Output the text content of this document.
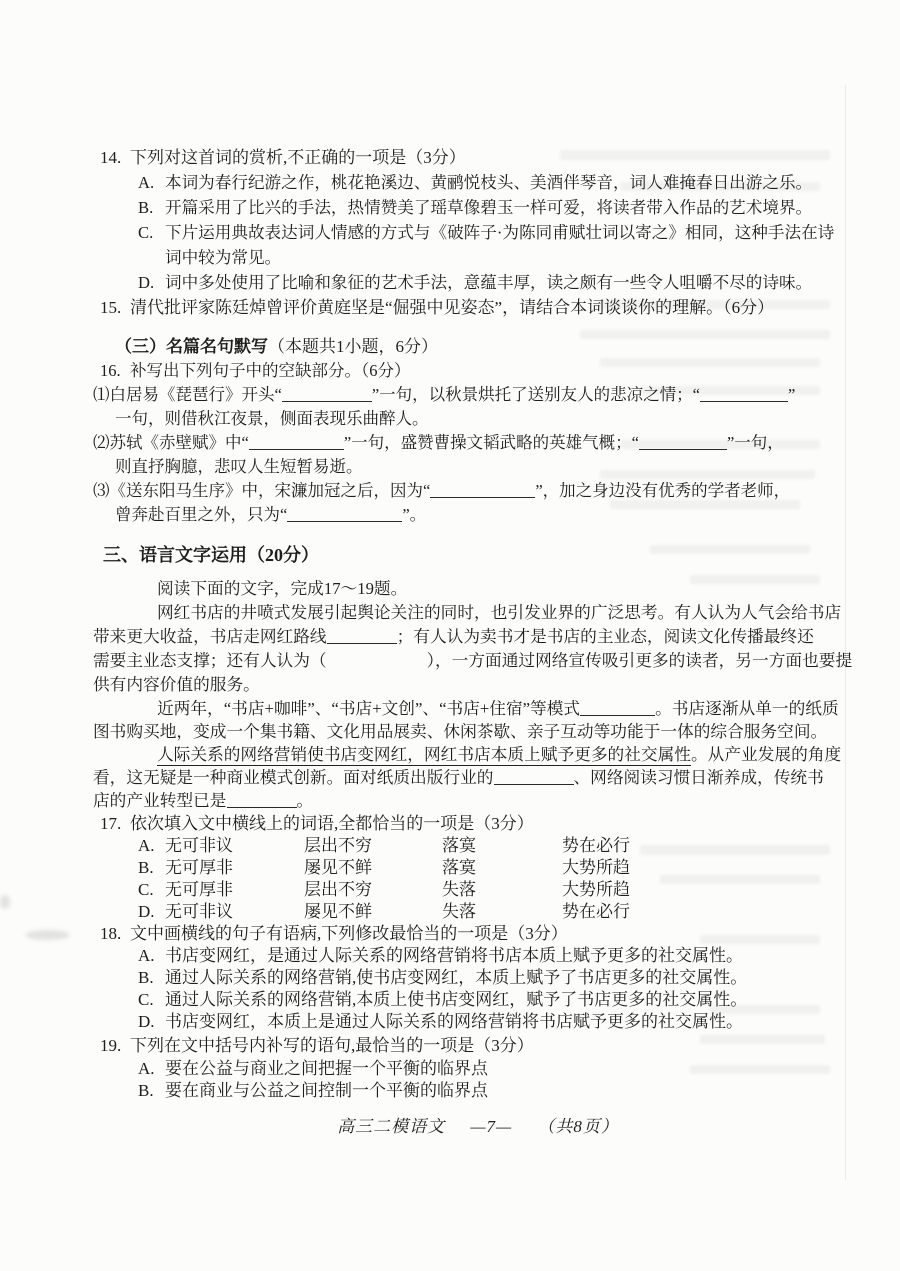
14. 下列对这首词的赏析,不正确的一项是（3分）
A. 本词为春行纪游之作，桃花艳溪边、黄鹂悦枝头、美酒伴琴音，词人难掩春日出游之乐。
B. 开篇采用了比兴的手法，热情赞美了瑶草像碧玉一样可爱，将读者带入作品的艺术境界。
C. 下片运用典故表达词人情感的方式与《破阵子·为陈同甫赋壮词以寄之》相同，这种手法在诗词中较为常见。
D. 词中多处使用了比喻和象征的艺术手法，意蕴丰厚，读之颇有一些令人咀嚼不尽的诗味。
15. 清代批评家陈廷焯曾评价黄庭坚是“倔强中见姿态”，请结合本词谈谈你的理解。（6分）
（三）名篇名句默写（本题共1小题，6分）
16. 补写出下列句子中的空缺部分。（6分）
⑴白居易《琵琶行》开头“	”一句，以秋景烘托了送别友人的悲凉之情；“	”
一句，则借秋江夜景，侧面表现乐曲醉人。
⑵苏轼《赤壁赋》中“	”一句，盛赞曹操文韬武略的英雄气概；“	”一句，
则直抒胸臆，悲叹人生短暂易逝。
⑶《送东阳马生序》中，宋濂加冠之后，因为“	”，加之身边没有优秀的学者老师，
曾奔赴百里之外，只为“	”。
三、语言文字运用（20分）
阅读下面的文字，完成17～19题。
网红书店的井喷式发展引起舆论关注的同时，也引发业界的广泛思考。有人认为人气会给书店
带来更大收益，书店走网红路线	；有人认为卖书才是书店的主业态，阅读文化传播最终还
需要主业态支撑；还有人认为（	），一方面通过网络宣传吸引更多的读者，另一方面也要提
供有内容价值的服务。
近两年，“书店+咖啡”、“书店+文创”、“书店+住宿”等模式	。书店逐渐从单一的纸质
图书购买地，变成一个集书籍、文化用品展卖、休闲茶歇、亲子互动等功能于一体的综合服务空间。
人际关系的网络营销使书店变网红，网红书店本质上赋予更多的社交属性。从产业发展的角度
看，这无疑是一种商业模式创新。面对纸质出版行业的	、网络阅读习惯日渐养成，传统书
店的产业转型已是	。
17. 依次填入文中横线上的词语,全都恰当的一项是（3分）
A. 无可非议	层出不穷	落寞	势在必行
B. 无可厚非	屡见不鲜	落寞	大势所趋
C. 无可厚非	层出不穷	失落	大势所趋
D. 无可非议	屡见不鲜	失落	势在必行
18. 文中画横线的句子有语病,下列修改最恰当的一项是（3分）
A. 书店变网红，是通过人际关系的网络营销将书店本质上赋予更多的社交属性。
B. 通过人际关系的网络营销,使书店变网红，本质上赋予了书店更多的社交属性。
C. 通过人际关系的网络营销,本质上使书店变网红，赋予了书店更多的社交属性。
D. 书店变网红，本质上是通过人际关系的网络营销将书店赋予更多的社交属性。
19. 下列在文中括号内补写的语句,最恰当的一项是（3分）
A. 要在公益与商业之间把握一个平衡的临界点
B. 要在商业与公益之间控制一个平衡的临界点
高三二模语文 —7— （共8页）
